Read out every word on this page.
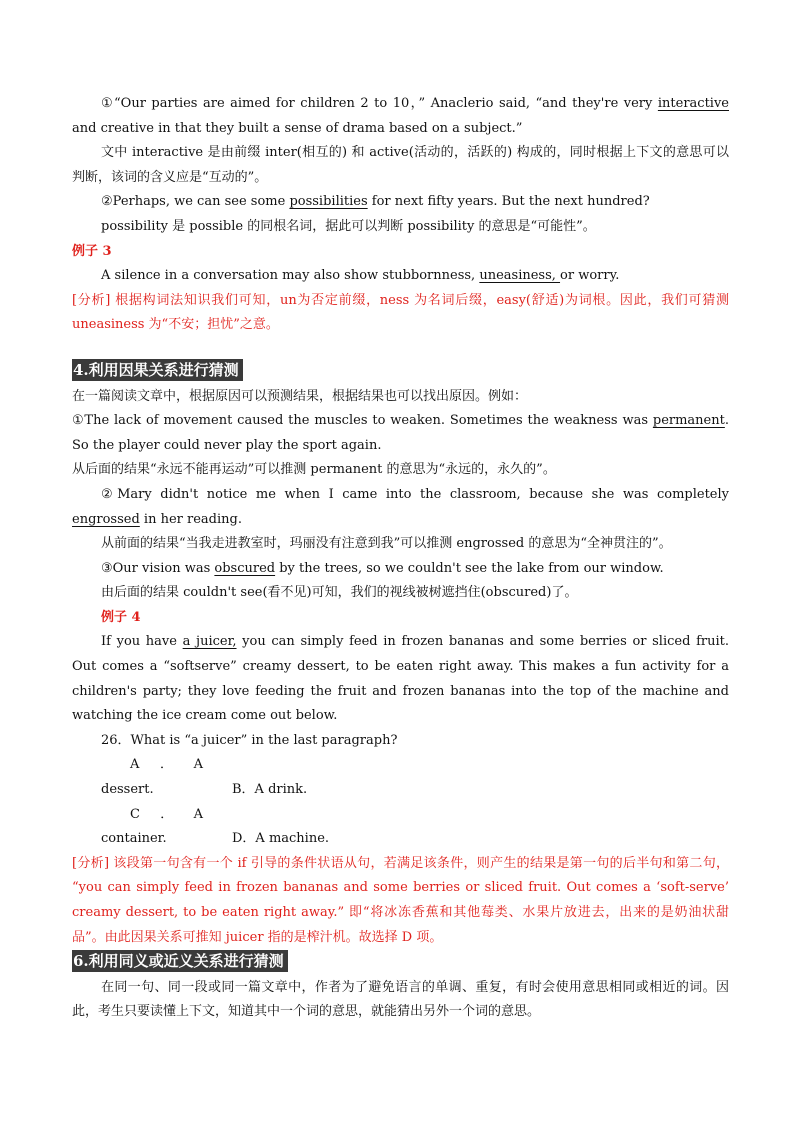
①“Our parties are aimed for children 2 to 10，” Anaclerio said, “and they're very interactive and creative in that they built a sense of drama based on a subject.”

文中 interactive 是由前缀 inter(相互的) 和 active(活动的，活跃的) 构成的，同时根据上下文的意思可以判断，该词的含义应是“互动的”。

②Perhaps, we can see some possibilities for next fifty years. But the next hundred?

possibility 是 possible 的同根名词，据此可以判断 possibility 的意思是“可能性”。

例子 3

A silence in a conversation may also show stubbornness, uneasiness, or worry.

[分析] 根据构词法知识我们可知，un为否定前缀，ness 为名词后缀，easy(舒适)为词根。因此，我们可猜测 uneasiness 为“不安；担忧”之意。

4.利用因果关系进行猜测

在一篇阅读文章中，根据原因可以预测结果，根据结果也可以找出原因。例如：

①The lack of movement caused the muscles to weaken. Sometimes the weakness was permanent. So the player could never play the sport again.

从后面的结果“永远不能再运动”可以推测 permanent 的意思为“永远的，永久的”。

②Mary didn't notice me when I came into the classroom, because she was completely engrossed in her reading.

从前面的结果“当我走进教室时，玛丽没有注意到我”可以推测 engrossed 的意思为“全神贯注的”。

③Our vision was obscured by the trees, so we couldn't see the lake from our window.

由后面的结果 couldn't see(看不见)可知，我们的视线被树遮挡住(obscured)了。

例子 4

If you have a juicer, you can simply feed in frozen bananas and some berries or sliced fruit. Out comes a “softserve” creamy dessert, to be eaten right away. This makes a fun activity for a children's party; they love feeding the fruit and frozen bananas into the top of the machine and watching the ice cream come out below.

26．What is “a juicer” in the last paragraph?

A．A dessert.	B．A drink.

C．A container.	D．A machine.

[分析] 该段第一句含有一个 if 引导的条件状语从句，若满足该条件，则产生的结果是第一句的后半句和第二句， “you can simply feed in frozen bananas and some berries or sliced fruit. Out comes a ‘soft-serve’ creamy dessert, to be eaten right away.” 即“将冰冻香蕉和其他莓类、水果片放进去，出来的是奶油状甜品”。由此因果关系可推知 juicer 指的是榨汁机。故选择 D 项。

6.利用同义或近义关系进行猜测

在同一句、同一段或同一篇文章中，作者为了避免语言的单调、重复，有时会使用意思相同或相近的词。因此，考生只要读懂上下文，知道其中一个词的意思，就能猜出另外一个词的意思。
